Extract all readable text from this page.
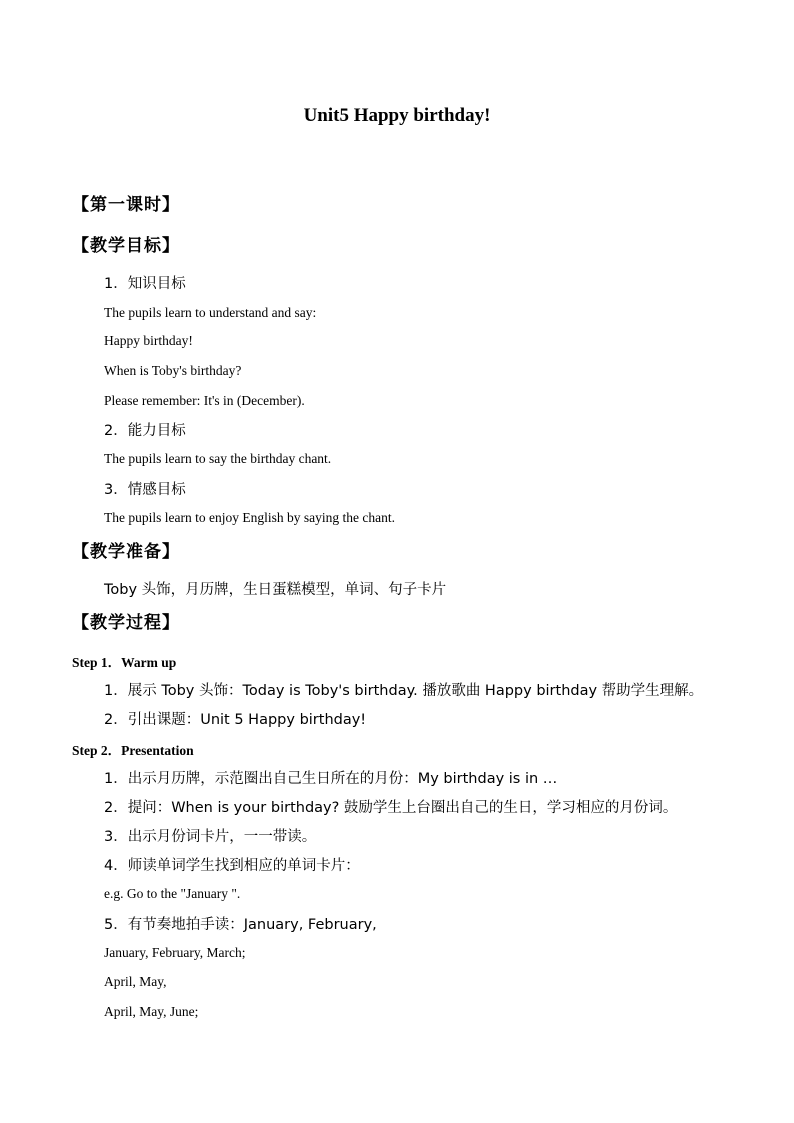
Unit5 Happy birthday!
【第一课时】
【教学目标】
1．知识目标
The pupils learn to understand and say:
Happy birthday!
When is Toby's birthday?
Please remember: It's in (December).
2．能力目标
The pupils learn to say the birthday chant.
3．情感目标
The pupils learn to enjoy English by saying the chant.
【教学准备】
Toby 头饰，月历牌，生日蛋糕模型，单词、句子卡片
【教学过程】
Step 1．Warm up
1．展示 Toby 头饰：Today is Toby's birthday. 播放歌曲 Happy birthday 帮助学生理解。
2．引出课题：Unit 5 Happy birthday!
Step 2．Presentation
1．出示月历牌，示范圈出自己生日所在的月份：My birthday is in …
2．提问：When is your birthday? 鼓励学生上台圈出自己的生日，学习相应的月份词。
3．出示月份词卡片，一一带读。
4．师读单词学生找到相应的单词卡片：
e.g. Go to the "January ".
5．有节奏地拍手读：January, February,
January, February, March;
April, May,
April, May, June;
